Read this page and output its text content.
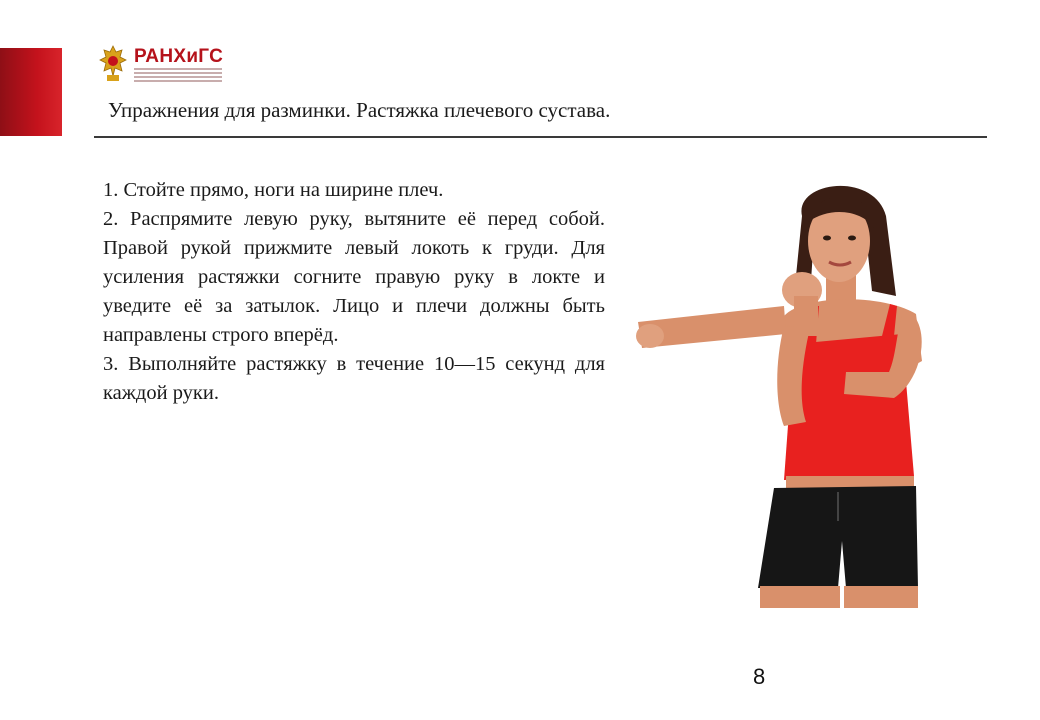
РАНХиГС
Упражнения для разминки. Растяжка плечевого сустава.

1. Стойте прямо, ноги на ширине плеч.

2. Распрямите левую руку, вытяните её перед собой. Правой рукой прижмите левый локоть к груди. Для усиления растяжки согните правую руку в локте и уведите её за затылок. Лицо и плечи должны быть направлены строго вперёд.

3. Выполняйте растяжку в течение 10—15 секунд для каждой руки.

8
